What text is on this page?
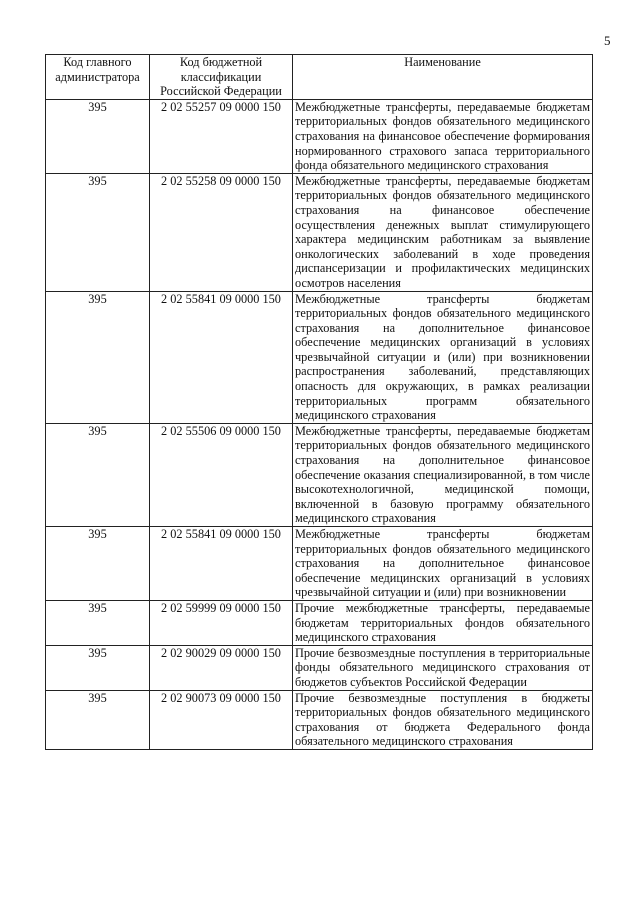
5
Код главного
администратора	Код бюджетной
классификации
Российской Федерации	Наименование
395	2 02 55257 09 0000 150	Межбюджетные трансферты, передаваемые бюджетам территориальных фондов обязательного медицинского страхования на финансовое обеспечение формирования нормированного страхового запаса территориального фонда обязательного медицинского страхования
395	2 02 55258 09 0000 150	Межбюджетные трансферты, передаваемые бюджетам территориальных фондов обязательного медицинского страхования на финансовое обеспечение осуществления денежных выплат стимулирующего характера медицинским работникам за выявление онкологических заболеваний в ходе проведения диспансеризации и профилактических медицинских осмотров населения
395	2 02 55841 09 0000 150	Межбюджетные трансферты бюджетам территориальных фондов обязательного медицинского страхования на дополнительное финансовое обеспечение медицинских организаций в условиях чрезвычайной ситуации и (или) при возникновении распространения заболеваний, представляющих опасность для окружающих, в рамках реализации территориальных программ обязательного медицинского страхования
395	2 02 55506 09 0000 150	Межбюджетные трансферты, передаваемые бюджетам территориальных фондов обязательного медицинского страхования на дополнительное финансовое обеспечение оказания специализированной, в том числе высокотехнологичной, медицинской помощи, включенной в базовую программу обязательного медицинского страхования
395	2 02 55841 09 0000 150	Межбюджетные трансферты бюджетам территориальных фондов обязательного медицинского страхования на дополнительное финансовое обеспечение медицинских организаций в условиях чрезвычайной ситуации и (или) при возникновении
395	2 02 59999 09 0000 150	Прочие межбюджетные трансферты, передаваемые бюджетам территориальных фондов обязательного медицинского страхования
395	2 02 90029 09 0000 150	Прочие безвозмездные поступления в территориальные фонды обязательного медицинского страхования от бюджетов субъектов Российской Федерации
395	2 02 90073 09 0000 150	Прочие безвозмездные поступления в бюджеты территориальных фондов обязательного медицинского страхования от бюджета Федерального фонда обязательного медицинского страхования
